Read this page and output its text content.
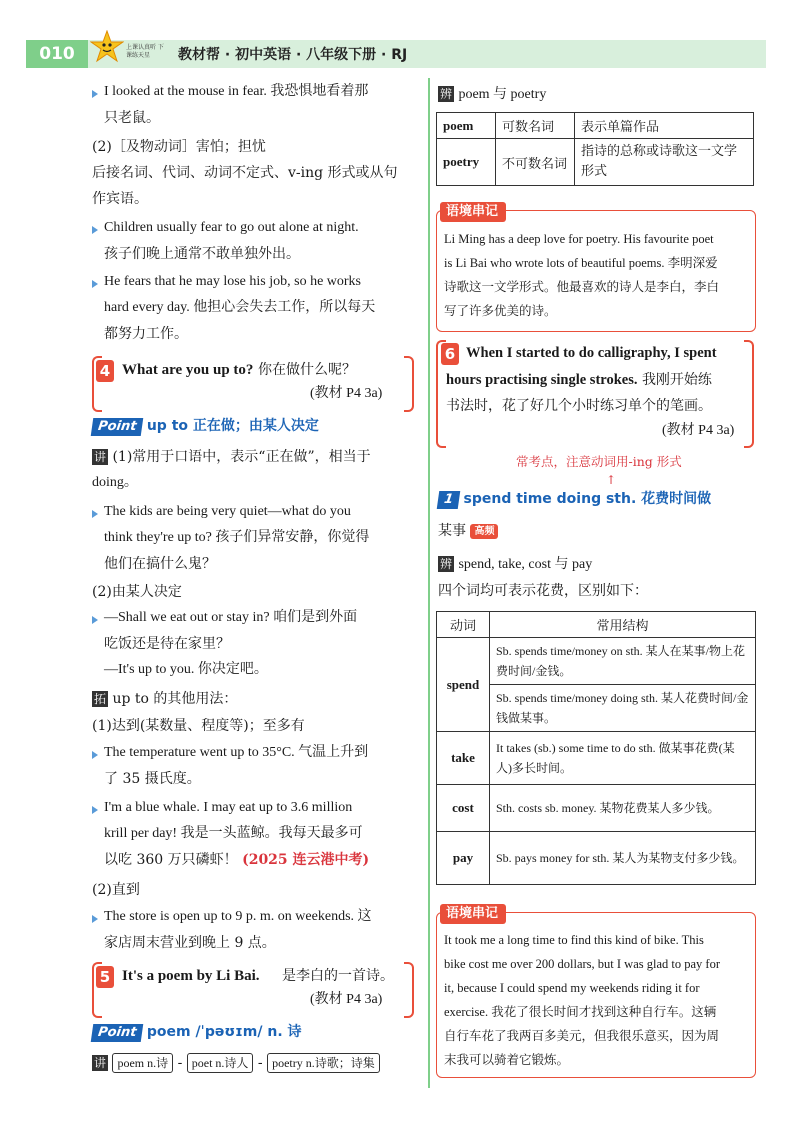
010	上课认真听 下课练天星	教材帮 · 初中英语 · 八年级下册 · RJ
I looked at the mouse in fear. 我恐惧地看着那
只老鼠。
(2)［及物动词］害怕；担忧
后接名词、代词、动词不定式、v-ing 形式或从句
作宾语。
Children usually fear to go out alone at night.
孩子们晚上通常不敢单独外出。
He fears that he may lose his job, so he works
hard every day. 他担心会失去工作，所以每天
都努力工作。
4 What are you up to? 你在做什么呢？
(教材 P4 3a)
Point up to 正在做；由某人决定
讲 (1)常用于口语中，表示“正在做”，相当于
doing。
The kids are being very quiet—what do you
think they're up to? 孩子们异常安静，你觉得
他们在搞什么鬼？
(2)由某人决定
—Shall we eat out or stay in? 咱们是到外面
吃饭还是待在家里？
—It's up to you. 你决定吧。
拓 up to 的其他用法：
(1)达到(某数量、程度等)；至多有
The temperature went up to 35°C. 气温上升到
了 35 摄氏度。
I'm a blue whale. I may eat up to 3.6 million
krill per day! 我是一头蓝鲸。我每天最多可
以吃 360 万只磷虾！ (2025 连云港中考)
(2)直到
The store is open up to 9 p. m. on weekends. 这
家店周末营业到晚上 9 点。
5 It's a poem by Li Bai. 是李白的一首诗。
(教材 P4 3a)
Point poem /ˈpəʊɪm/ n. 诗
讲 poem n.诗 - poet n.诗人 - poetry n.诗歌；诗集
辨 poem 与 poetry
poem	可数名词	表示单篇作品
poetry	不可数名词	指诗的总称或诗歌这一文学形式
语境串记
Li Ming has a deep love for poetry. His favourite poet
is Li Bai who wrote lots of beautiful poems. 李明深爱
诗歌这一文学形式。他最喜欢的诗人是李白，李白
写了许多优美的诗。
6 When I started to do calligraphy, I spent
hours practising single strokes. 我刚开始练
书法时，花了好几个小时练习单个的笔画。
(教材 P4 3a)
常考点，注意动词用-ing 形式
↑
1 spend time doing sth. 花费时间做
某事 高频
辨 spend, take, cost 与 pay
四个词均可表示花费，区别如下：
动词	常用结构
spend	Sb. spends time/money on sth. 某人在某事/物上花费时间/金钱。
	Sb. spends time/money doing sth. 某人花费时间/金钱做某事。
take	It takes (sb.) some time to do sth. 做某事花费(某人)多长时间。
cost	Sth. costs sb. money. 某物花费某人多少钱。
pay	Sb. pays money for sth. 某人为某物支付多少钱。
语境串记
It took me a long time to find this kind of bike. This
bike cost me over 200 dollars, but I was glad to pay for
it, because I could spend my weekends riding it for
exercise. 我花了很长时间才找到这种自行车。这辆
自行车花了我两百多美元，但我很乐意买，因为周
末我可以骑着它锻炼。
